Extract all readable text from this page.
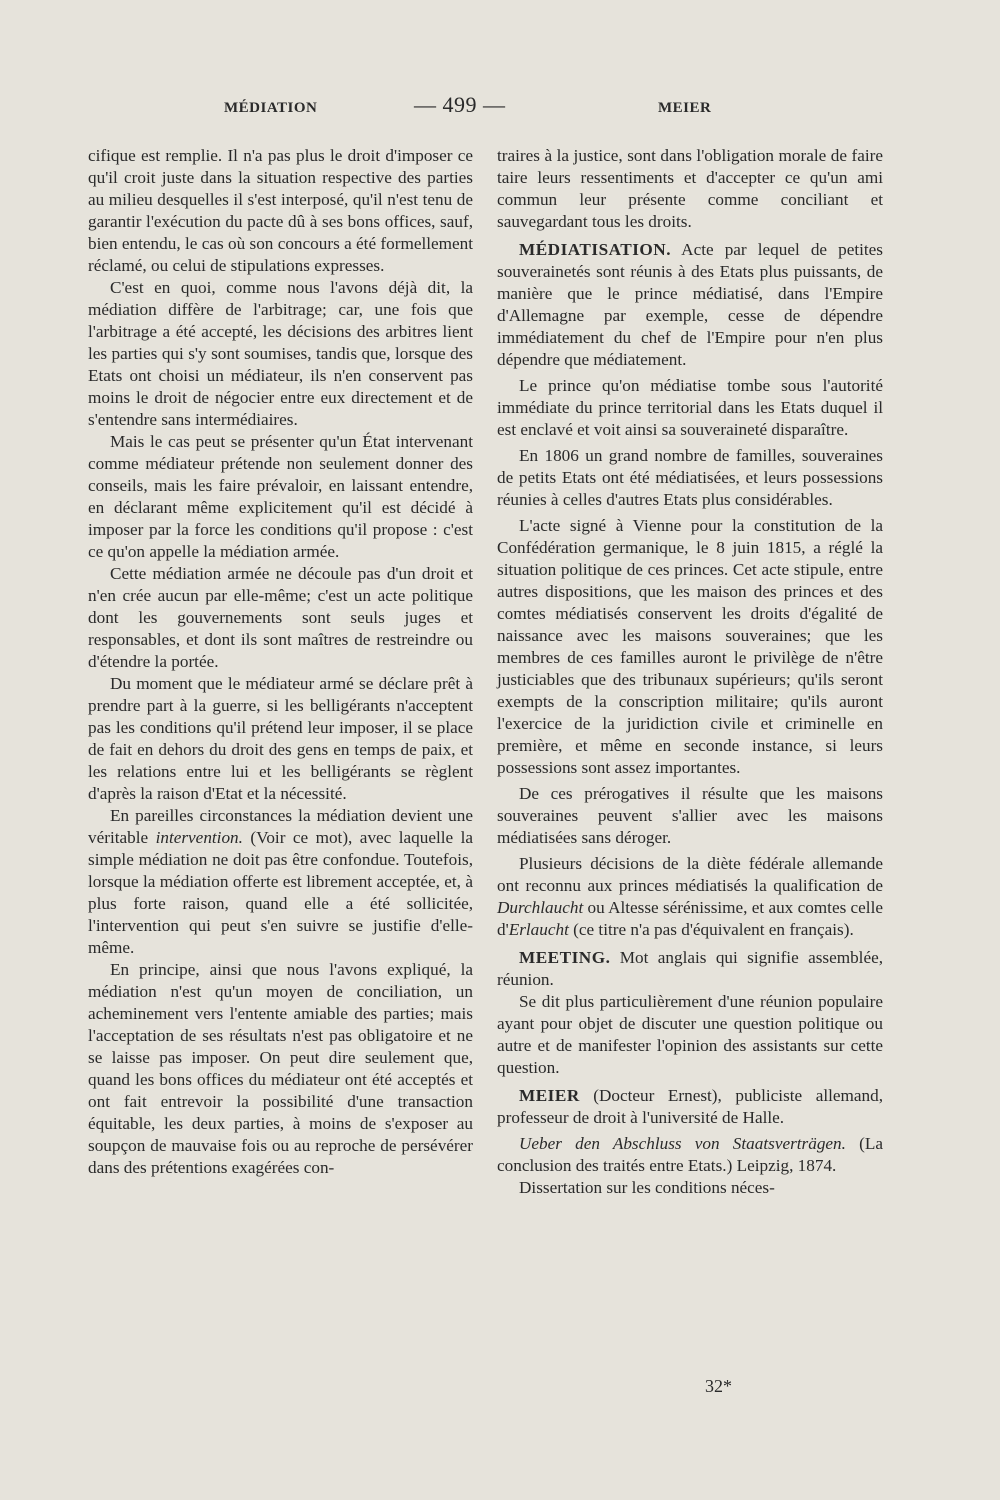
MÉDIATION	— 499 —	MEIER

cifique est remplie. Il n'a pas plus le droit d'imposer ce qu'il croit juste dans la situation respective des parties au milieu desquelles il s'est interposé, qu'il n'est tenu de garantir l'exécution du pacte dû à ses bons offices, sauf, bien entendu, le cas où son concours a été formellement réclamé, ou celui de stipulations expresses.

C'est en quoi, comme nous l'avons déjà dit, la médiation diffère de l'arbitrage; car, une fois que l'arbitrage a été accepté, les décisions des arbitres lient les parties qui s'y sont soumises, tandis que, lorsque des Etats ont choisi un médiateur, ils n'en conservent pas moins le droit de négocier entre eux directement et de s'entendre sans intermédiaires.

Mais le cas peut se présenter qu'un État intervenant comme médiateur prétende non seulement donner des conseils, mais les faire prévaloir, en laissant entendre, en déclarant même explicitement qu'il est décidé à imposer par la force les conditions qu'il propose : c'est ce qu'on appelle la médiation armée.

Cette médiation armée ne découle pas d'un droit et n'en crée aucun par elle-même; c'est un acte politique dont les gouvernements sont seuls juges et responsables, et dont ils sont maîtres de restreindre ou d'étendre la portée.

Du moment que le médiateur armé se déclare prêt à prendre part à la guerre, si les belligérants n'acceptent pas les conditions qu'il prétend leur imposer, il se place de fait en dehors du droit des gens en temps de paix, et les relations entre lui et les belligérants se règlent d'après la raison d'Etat et la nécessité.

En pareilles circonstances la médiation devient une véritable intervention. (Voir ce mot), avec laquelle la simple médiation ne doit pas être confondue. Toutefois, lorsque la médiation offerte est librement acceptée, et, à plus forte raison, quand elle a été sollicitée, l'intervention qui peut s'en suivre se justifie d'elle-même.

En principe, ainsi que nous l'avons expliqué, la médiation n'est qu'un moyen de conciliation, un acheminement vers l'entente amiable des parties; mais l'acceptation de ses résultats n'est pas obligatoire et ne se laisse pas imposer. On peut dire seulement que, quand les bons offices du médiateur ont été acceptés et ont fait entrevoir la possibilité d'une transaction équitable, les deux parties, à moins de s'exposer au soupçon de mauvaise fois ou au reproche de persévérer dans des prétentions exagérées con-

traires à la justice, sont dans l'obligation morale de faire taire leurs ressentiments et d'accepter ce qu'un ami commun leur présente comme conciliant et sauvegardant tous les droits.

MÉDIATISATION. Acte par lequel de petites souverainetés sont réunis à des Etats plus puissants, de manière que le prince médiatisé, dans l'Empire d'Allemagne par exemple, cesse de dépendre immédiatement du chef de l'Empire pour n'en plus dépendre que médiatement.

Le prince qu'on médiatise tombe sous l'autorité immédiate du prince territorial dans les Etats duquel il est enclavé et voit ainsi sa souveraineté disparaître.

En 1806 un grand nombre de familles, souveraines de petits Etats ont été médiatisées, et leurs possessions réunies à celles d'autres Etats plus considérables.

L'acte signé à Vienne pour la constitution de la Confédération germanique, le 8 juin 1815, a réglé la situation politique de ces princes. Cet acte stipule, entre autres dispositions, que les maison des princes et des comtes médiatisés conservent les droits d'égalité de naissance avec les maisons souveraines; que les membres de ces familles auront le privilège de n'être justiciables que des tribunaux supérieurs; qu'ils seront exempts de la conscription militaire; qu'ils auront l'exercice de la juridiction civile et criminelle en première, et même en seconde instance, si leurs possessions sont assez importantes.

De ces prérogatives il résulte que les maisons souveraines peuvent s'allier avec les maisons médiatisées sans déroger.

Plusieurs décisions de la diète fédérale allemande ont reconnu aux princes médiatisés la qualification de Durchlaucht ou Altesse sérénissime, et aux comtes celle d'Erlaucht (ce titre n'a pas d'équivalent en français).

MEETING. Mot anglais qui signifie assemblée, réunion.

Se dit plus particulièrement d'une réunion populaire ayant pour objet de discuter une question politique ou autre et de manifester l'opinion des assistants sur cette question.

MEIER (Docteur Ernest), publiciste allemand, professeur de droit à l'université de Halle.

Ueber den Abschluss von Staatsverträgen. (La conclusion des traités entre Etats.) Leipzig, 1874.

Dissertation sur les conditions néces-

32*
